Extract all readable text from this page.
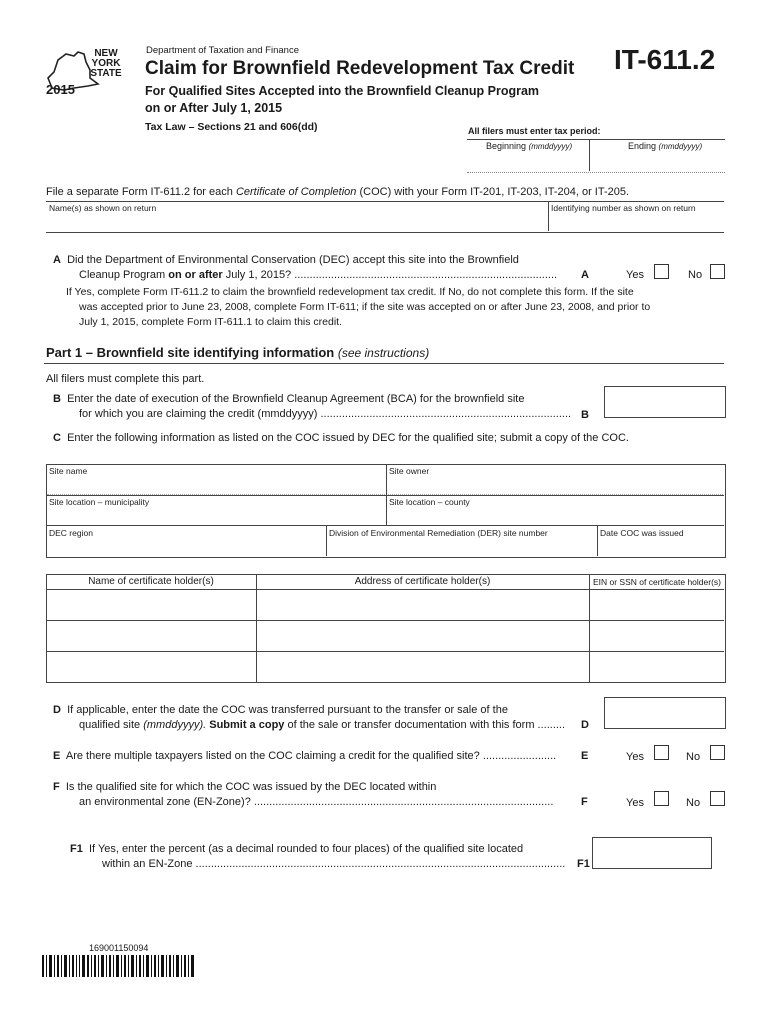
NEW
YORK
STATE
2015
Department of Taxation and Finance
Claim for Brownfield Redevelopment Tax Credit
For Qualified Sites Accepted into the Brownfield Cleanup Program
on or After July 1, 2015
Tax Law – Sections 21 and 606(dd)
IT-611.2
All filers must enter tax period:
Beginning (mmddyyyy)	Ending (mmddyyyy)
File a separate Form IT-611.2 for each Certificate of Completion (COC) with your Form IT-201, IT-203, IT-204, or IT-205.
Name(s) as shown on return	Identifying number as shown on return
A Did the Department of Environmental Conservation (DEC) accept this site into the Brownfield
Cleanup Program on or after July 1, 2015? ......................................................................................	A	Yes	No
If Yes, complete Form IT-611.2 to claim the brownfield redevelopment tax credit. If No, do not complete this form. If the site
was accepted prior to June 23, 2008, complete Form IT-611; if the site was accepted on or after June 23, 2008, and prior to
July 1, 2015, complete Form IT-611.1 to claim this credit.
Part 1 – Brownfield site identifying information (see instructions)
All filers must complete this part.
B Enter the date of execution of the Brownfield Cleanup Agreement (BCA) for the brownfield site
for which you are claiming the credit (mmddyyyy) .................................................................................. B
C Enter the following information as listed on the COC issued by DEC for the qualified site; submit a copy of the COC.
Site name	Site owner
Site location – municipality	Site location – county
DEC region	Division of Environmental Remediation (DER) site number	Date COC was issued
Name of certificate holder(s)	Address of certificate holder(s)	EIN or SSN of certificate holder(s)
D If applicable, enter the date the COC was transferred pursuant to the transfer or sale of the
qualified site (mmddyyyy). Submit a copy of the sale or transfer documentation with this form .........	D
E Are there multiple taxpayers listed on the COC claiming a credit for the qualified site? ........................	E	Yes	No
F Is the qualified site for which the COC was issued by the DEC located within
an environmental zone (EN-Zone)? ..................................................................................................	F	Yes	No
F1 If Yes, enter the percent (as a decimal rounded to four places) of the qualified site located
within an EN-Zone .........................................................................................................................	F1
169001150094
